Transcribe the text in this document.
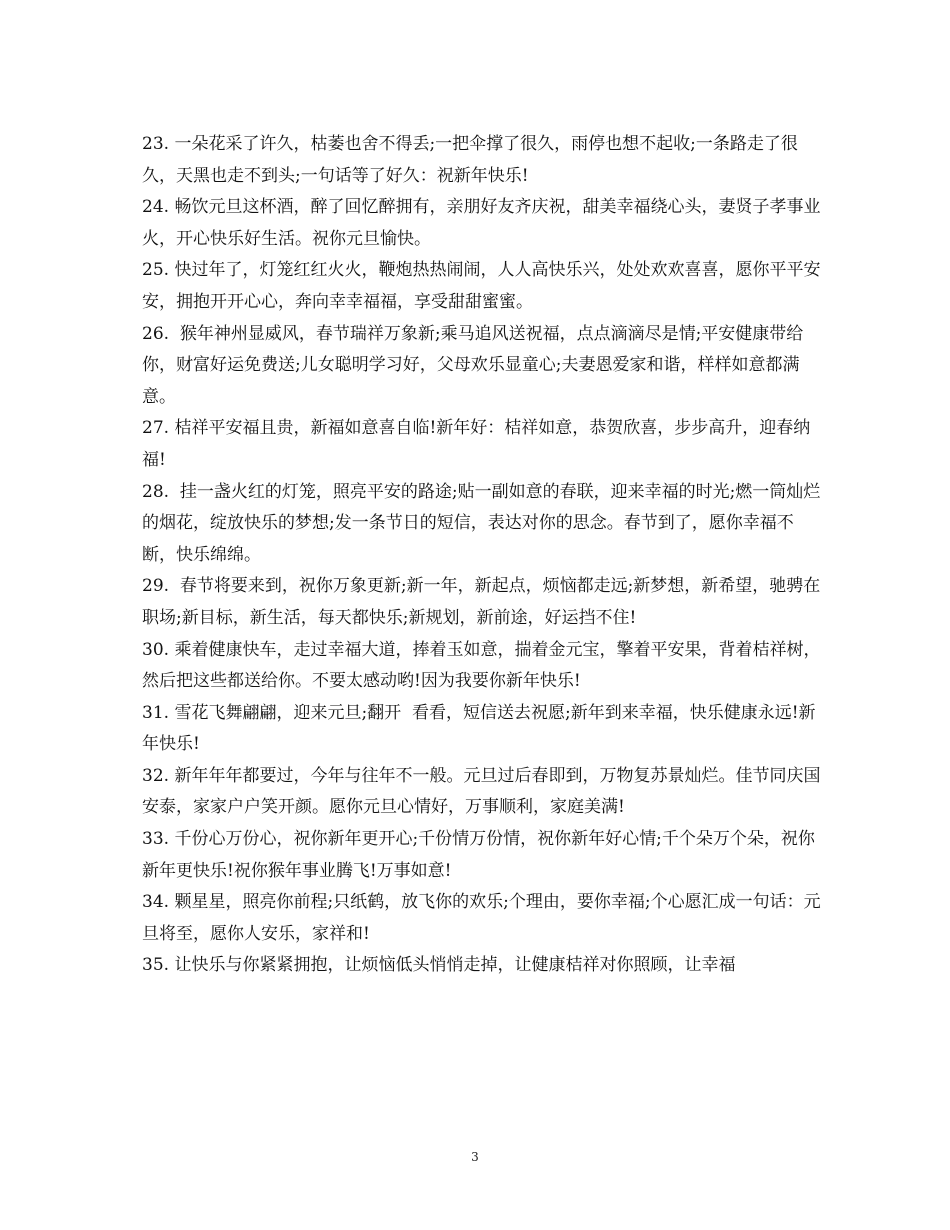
23. 一朵花采了许久，枯萎也舍不得丢;一把伞撑了很久，雨停也想不起收;一条路走了很久，天黑也走不到头;一句话等了好久：祝新年快乐!

24. 畅饮元旦这杯酒，醉了回忆醉拥有，亲朋好友齐庆祝，甜美幸福绕心头，妻贤子孝事业火，开心快乐好生活。祝你元旦愉快。

25. 快过年了，灯笼红红火火，鞭炮热热闹闹，人人高快乐兴，处处欢欢喜喜，愿你平平安安，拥抱开开心心，奔向幸幸福福，享受甜甜蜜蜜。

26.  猴年神州显威风，春节瑞祥万象新;乘马追风送祝福，点点滴滴尽是情;平安健康带给你，财富好运免费送;儿女聪明学习好，父母欢乐显童心;夫妻恩爱家和谐，样样如意都满意。

27. 桔祥平安福且贵，新福如意喜自临!新年好：桔祥如意，恭贺欣喜，步步高升，迎春纳福!

28.  挂一盏火红的灯笼，照亮平安的路途;贴一副如意的春联，迎来幸福的时光;燃一筒灿烂的烟花，绽放快乐的梦想;发一条节日的短信，表达对你的思念。春节到了，愿你幸福不断，快乐绵绵。

29.  春节将要来到，祝你万象更新;新一年，新起点，烦恼都走远;新梦想，新希望，驰骋在职场;新目标，新生活，每天都快乐;新规划，新前途，好运挡不住!

30. 乘着健康快车，走过幸福大道，捧着玉如意，揣着金元宝，擎着平安果，背着桔祥树，然后把这些都送给你。不要太感动哟!因为我要你新年快乐!

31. 雪花飞舞翩翩，迎来元旦;翻开  看看，短信送去祝愿;新年到来幸福，快乐健康永远!新年快乐!

32. 新年年年都要过，今年与往年不一般。元旦过后春即到，万物复苏景灿烂。佳节同庆国安泰，家家户户笑开颜。愿你元旦心情好，万事顺利，家庭美满!

33. 千份心万份心，祝你新年更开心;千份情万份情，祝你新年好心情;千个朵万个朵，祝你新年更快乐!祝你猴年事业腾飞!万事如意!

34. 颗星星，照亮你前程;只纸鹤，放飞你的欢乐;个理由，要你幸福;个心愿汇成一句话：元旦将至，愿你人安乐，家祥和!

35. 让快乐与你紧紧拥抱，让烦恼低头悄悄走掉，让健康桔祥对你照顾，让幸福

3
